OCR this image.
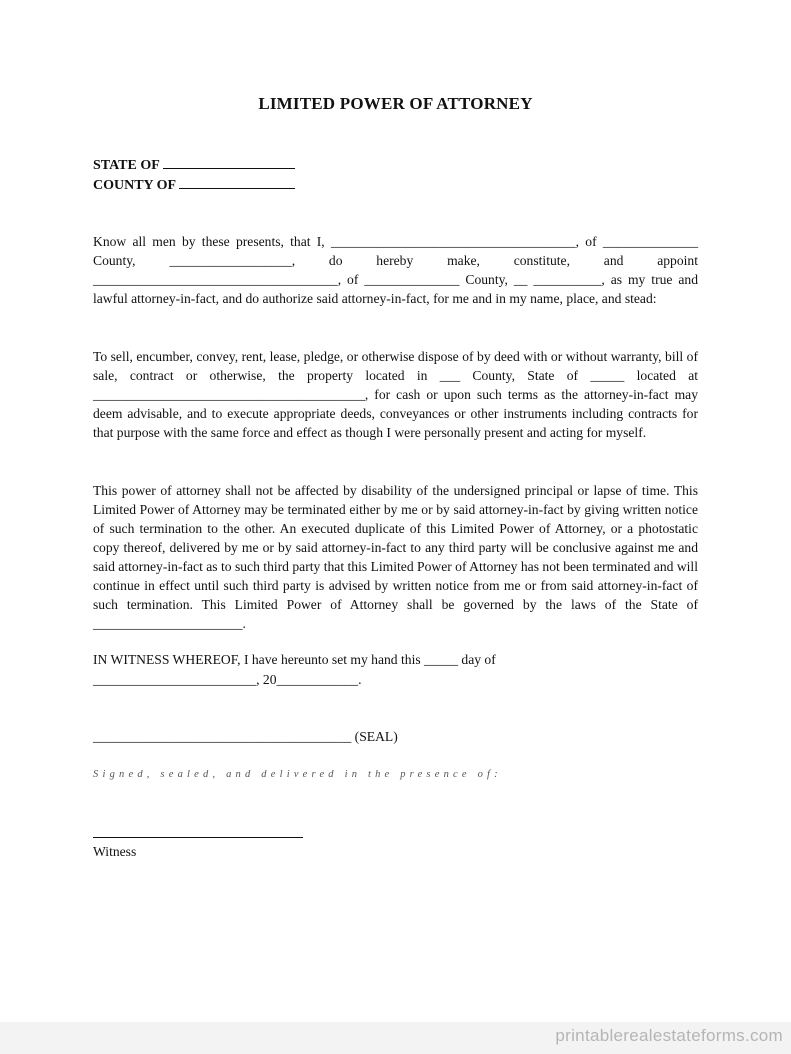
LIMITED POWER OF ATTORNEY
STATE OF
COUNTY OF

Know all men by these presents, that I, ____________________________________, of ______________ County, __________________, do hereby make, constitute, and appoint ____________________________________, of ______________ County, __ __________, as my true and lawful attorney-in-fact, and do authorize said attorney-in-fact, for me and in my name, place, and stead:

To sell, encumber, convey, rent, lease, pledge, or otherwise dispose of by deed with or without warranty, bill of sale, contract or otherwise, the property located in ___ County, State of _____ located at ________________________________________, for cash or upon such terms as the attorney-in-fact may deem advisable, and to execute appropriate deeds, conveyances or other instruments including contracts for that purpose with the same force and effect as though I were personally present and acting for myself.

This power of attorney shall not be affected by disability of the undersigned principal or lapse of time. This Limited Power of Attorney may be terminated either by me or by said attorney-in-fact by giving written notice of such termination to the other. An executed duplicate of this Limited Power of Attorney, or a photostatic copy thereof, delivered by me or by said attorney-in-fact to any third party will be conclusive against me and said attorney-in-fact as to such third party that this Limited Power of Attorney has not been terminated and will continue in effect until such third party is advised by written notice from me or from said attorney-in-fact of such termination. This Limited Power of Attorney shall be governed by the laws of the State of ______________________.

IN WITNESS WHEREOF, I have hereunto set my hand this _____ day of
________________________, 20____________.
______________________________________ (SEAL)
Signed, sealed, and delivered in the presence of:
Witness
printablerealestateforms.com
